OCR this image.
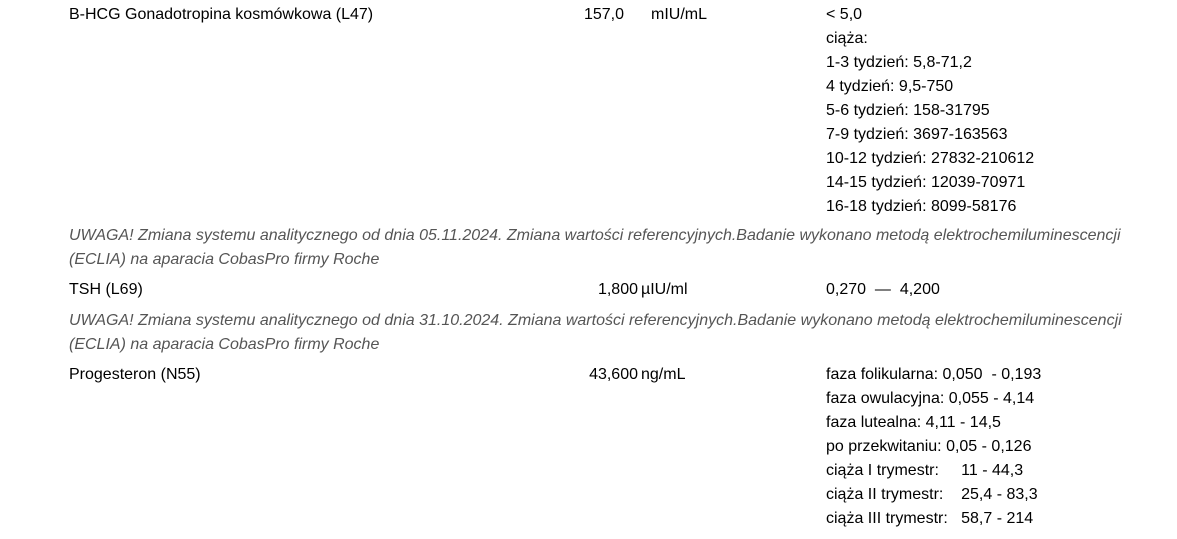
B-HCG Gonadotropina kosmówkowa (L47)	157,0 mIU/mL	< 5,0
ciąża:
1-3 tydzień: 5,8-71,2
4 tydzień: 9,5-750
5-6 tydzień: 158-31795
7-9 tydzień: 3697-163563
10-12 tydzień: 27832-210612
14-15 tydzień: 12039-70971
16-18 tydzień: 8099-58176
UWAGA! Zmiana systemu analitycznego od dnia 05.11.2024. Zmiana wartości referencyjnych.Badanie wykonano metodą elektrochemiluminescencji
(ECLIA) na aparacia CobasPro firmy Roche
TSH (L69)	1,800 µIU/ml	0,270  —  4,200
UWAGA! Zmiana systemu analitycznego od dnia 31.10.2024. Zmiana wartości referencyjnych.Badanie wykonano metodą elektrochemiluminescencji
(ECLIA) na aparacia CobasPro firmy Roche
Progesteron (N55)	43,600 ng/mL	faza folikularna: 0,050  - 0,193
faza owulacyjna: 0,055 - 4,14
faza lutealna: 4,11 - 14,5
po przekwitaniu: 0,05 - 0,126
ciąża I trymestr:     11 - 44,3
ciąża II trymestr:    25,4 - 83,3
ciąża III trymestr:   58,7 - 214
